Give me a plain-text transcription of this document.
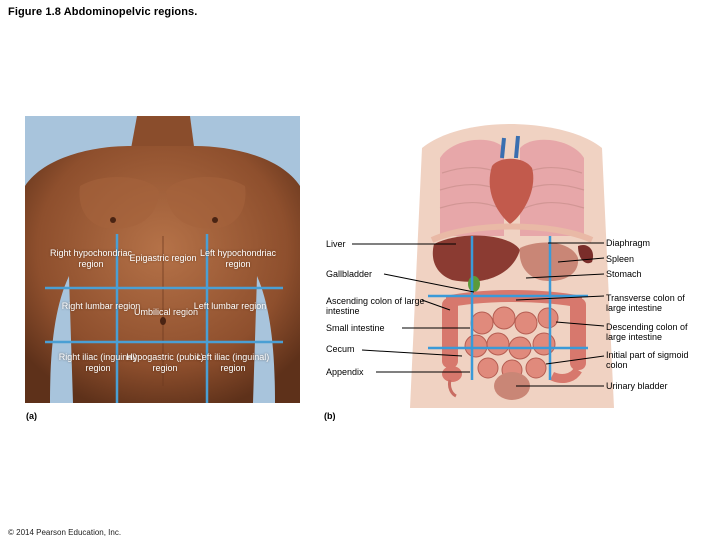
Figure 1.8 Abdominopelvic regions.
Right hypochondriac region
Epigastric region Left hypochondriac region
Right lumbar region
Umbilical region
Left lumbar region
Right iliac (inguinal) region
Hypogastric (pubic) region
Left iliac (inguinal) region
(a)
Liver
Gallbladder
Ascending colon of large intestine
Small intestine
Cecum
Appendix
Diaphragm
Spleen
Stomach
Transverse colon of large intestine
Descending colon of large intestine
Initial part of sigmoid colon
Urinary bladder
(b)
© 2014 Pearson Education, Inc.
